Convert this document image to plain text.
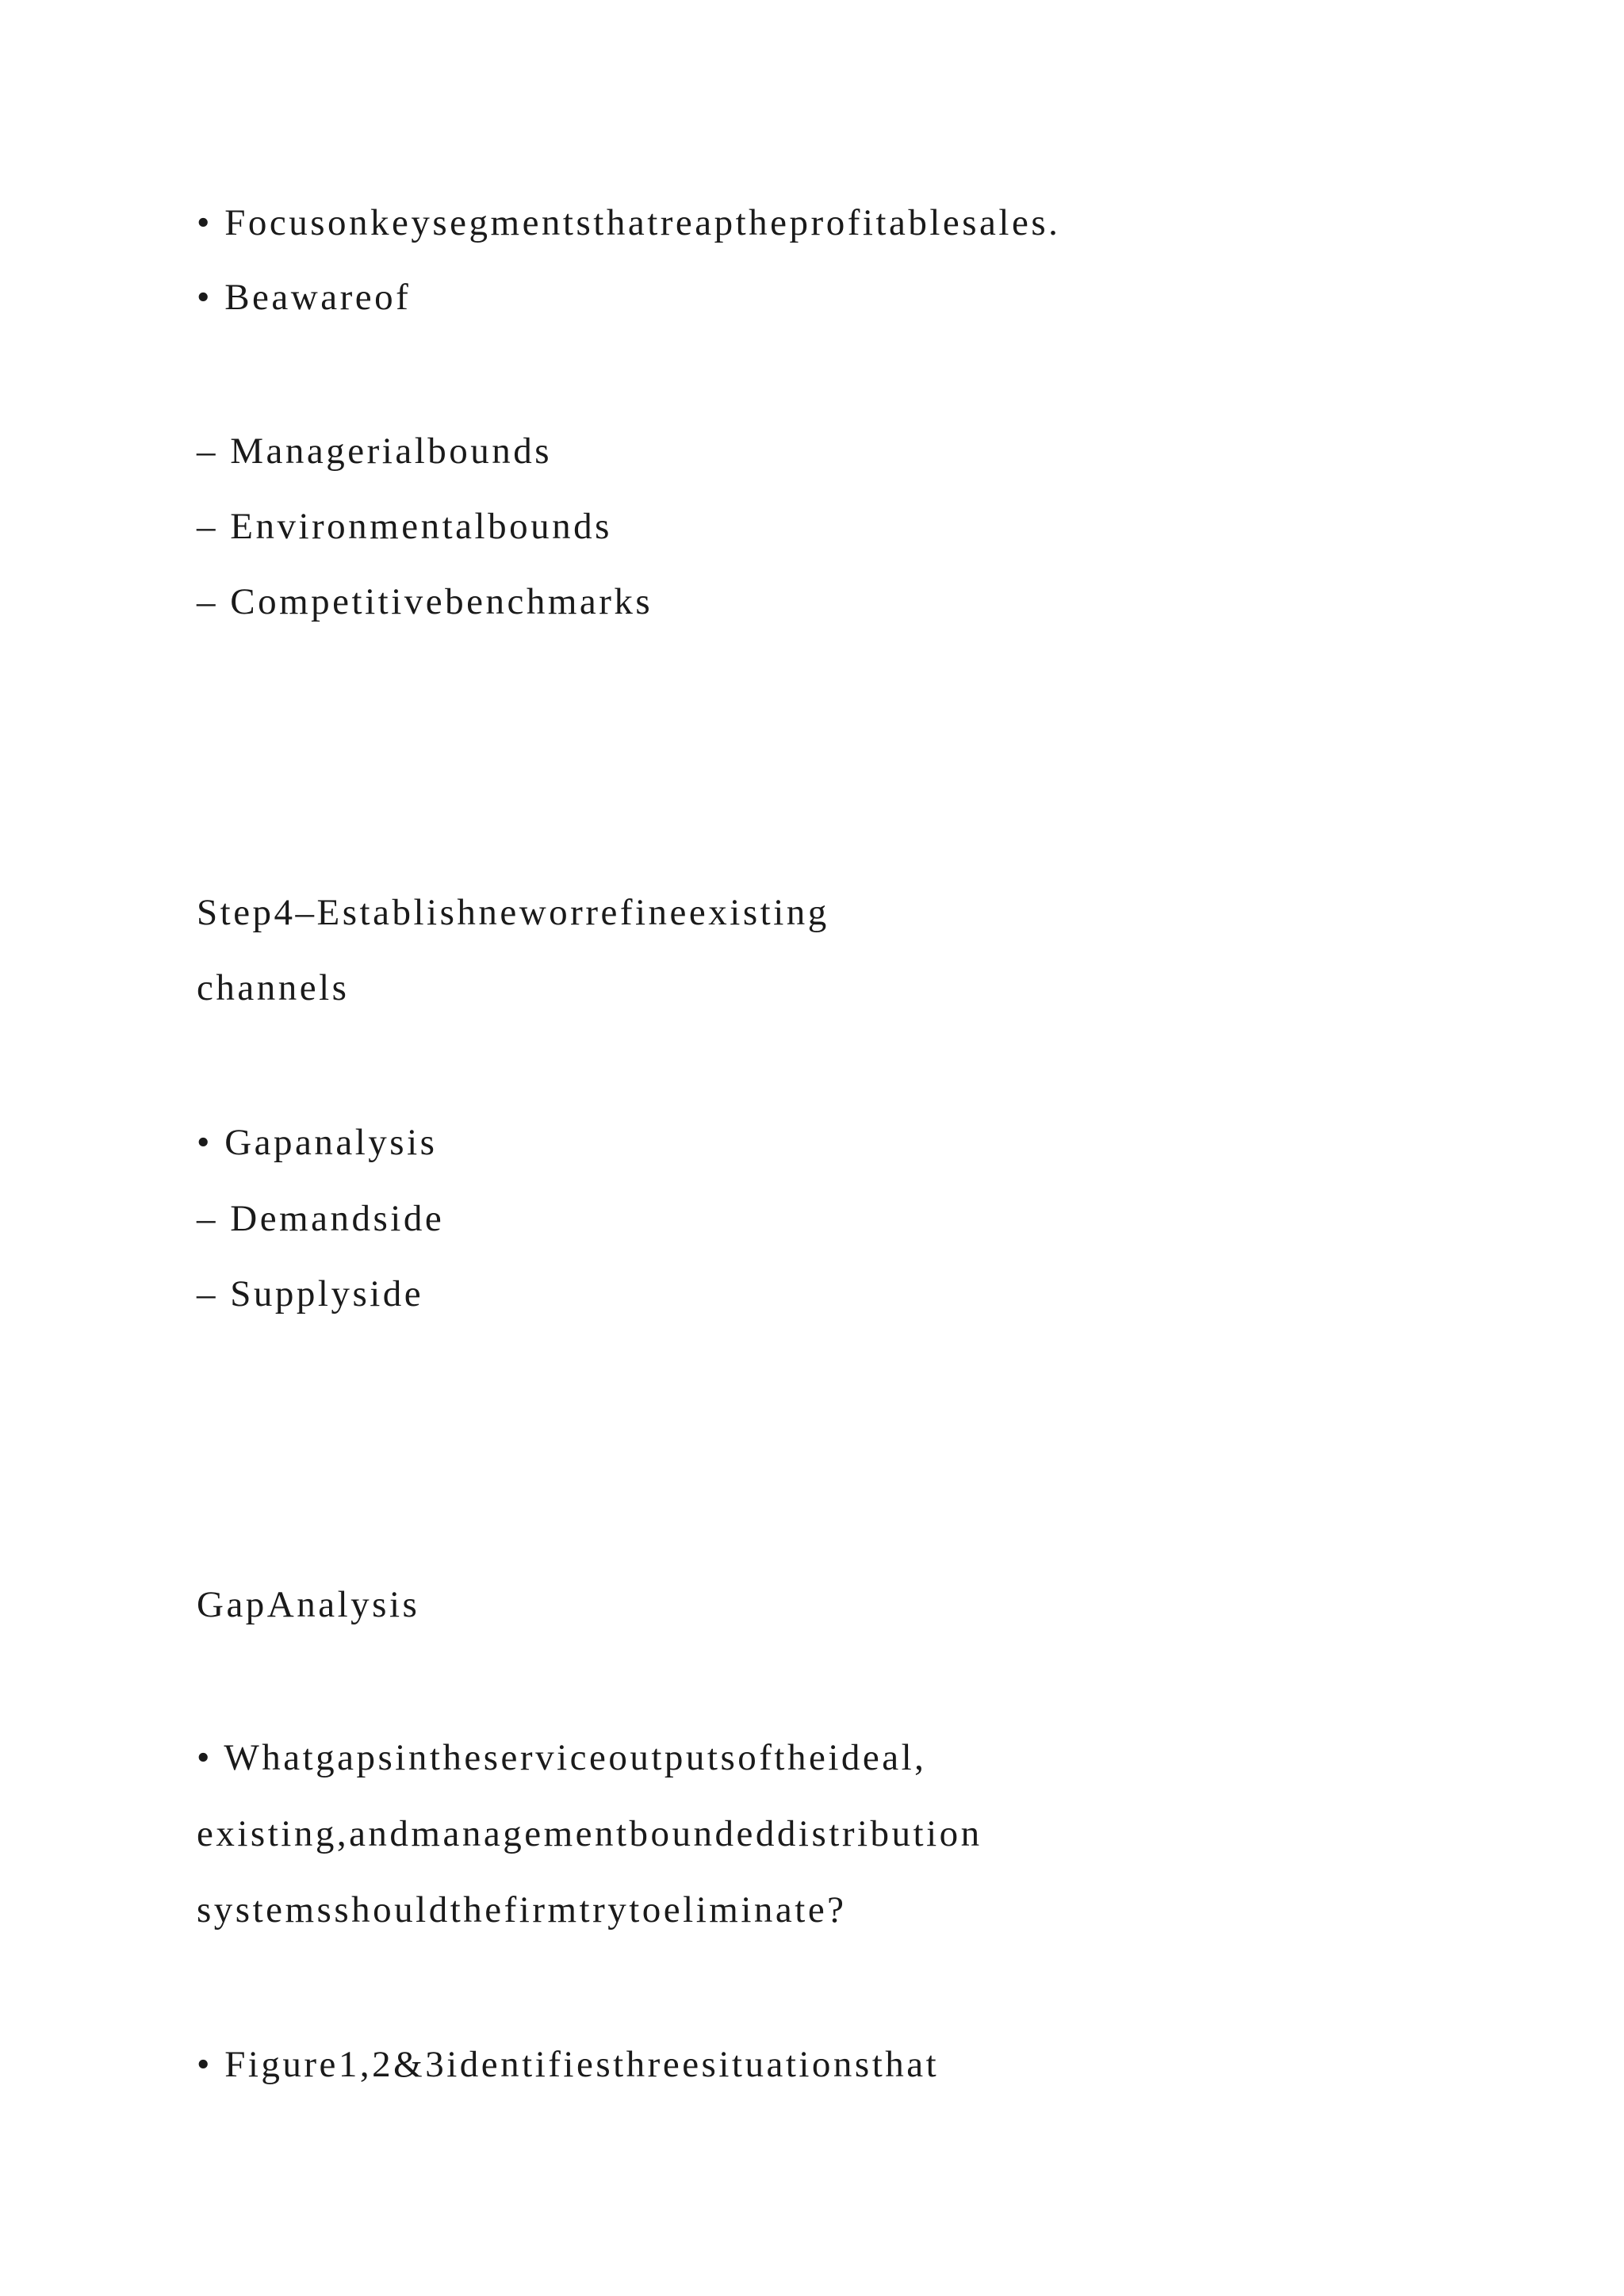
• Focusonkeysegmentsthatreaptheprofitablesales.
• Beawareof
– Managerialbounds
– Environmentalbounds
– Competitivebenchmarks
Step4–Establishneworrefineexisting
channels
• Gapanalysis
– Demandside
– Supplyside
GapAnalysis
• Whatgapsintheserviceoutputsoftheideal,
existing,andmanagementboundeddistribution
systemsshouldthefirmtrytoeliminate?
• Figure1,2&3identifiesthreesituationsthat
